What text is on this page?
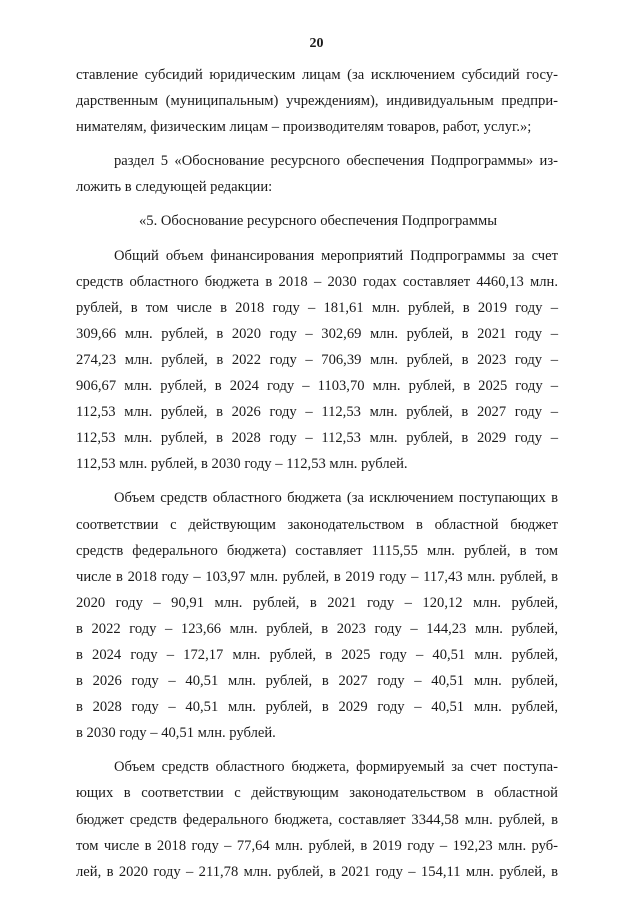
20

ставление субсидий юридическим лицам (за исключением субсидий госу-

дарственным (муниципальным) учреждениям), индивидуальным предпри-

нимателям, физическим лицам – производителям товаров, работ, услуг.»;

раздел 5 «Обоснование ресурсного обеспечения Подпрограммы» из-

ложить в следующей редакции:

«5. Обоснование ресурсного обеспечения Подпрограммы

Общий объем финансирования мероприятий Подпрограммы за счет

средств областного бюджета в 2018 – 2030 годах составляет 4460,13 млн.

рублей, в том числе в 2018 году – 181,61 млн. рублей, в 2019 году –

309,66 млн. рублей, в 2020 году – 302,69 млн. рублей, в 2021 году –

274,23 млн. рублей, в 2022 году – 706,39 млн. рублей, в 2023 году –

906,67 млн. рублей, в 2024 году – 1103,70 млн. рублей, в 2025 году –

112,53 млн. рублей, в 2026 году – 112,53 млн. рублей, в 2027 году –

112,53 млн. рублей, в 2028 году – 112,53 млн. рублей, в 2029 году –

112,53 млн. рублей, в 2030 году – 112,53 млн. рублей.

Объем средств областного бюджета (за исключением поступающих в

соответствии с действующим законодательством в областной бюджет

средств федерального бюджета) составляет 1115,55 млн. рублей, в том

числе в 2018 году – 103,97 млн. рублей, в 2019 году – 117,43 млн. рублей, в

2020 году – 90,91 млн. рублей, в 2021 году – 120,12 млн. рублей,

в 2022 году – 123,66 млн. рублей, в 2023 году – 144,23 млн. рублей,

в 2024 году – 172,17 млн. рублей, в 2025 году – 40,51 млн. рублей,

в 2026 году – 40,51 млн. рублей, в 2027 году – 40,51 млн. рублей,

в 2028 году – 40,51 млн. рублей, в 2029 году – 40,51 млн. рублей,

в 2030 году – 40,51 млн. рублей.

Объем средств областного бюджета, формируемый за счет поступа-

ющих в соответствии с действующим законодательством в областной

бюджет средств федерального бюджета, составляет 3344,58 млн. рублей, в

том числе в 2018 году – 77,64 млн. рублей, в 2019 году – 192,23 млн. руб-

лей, в 2020 году – 211,78 млн. рублей, в 2021 году – 154,11 млн. рублей, в
